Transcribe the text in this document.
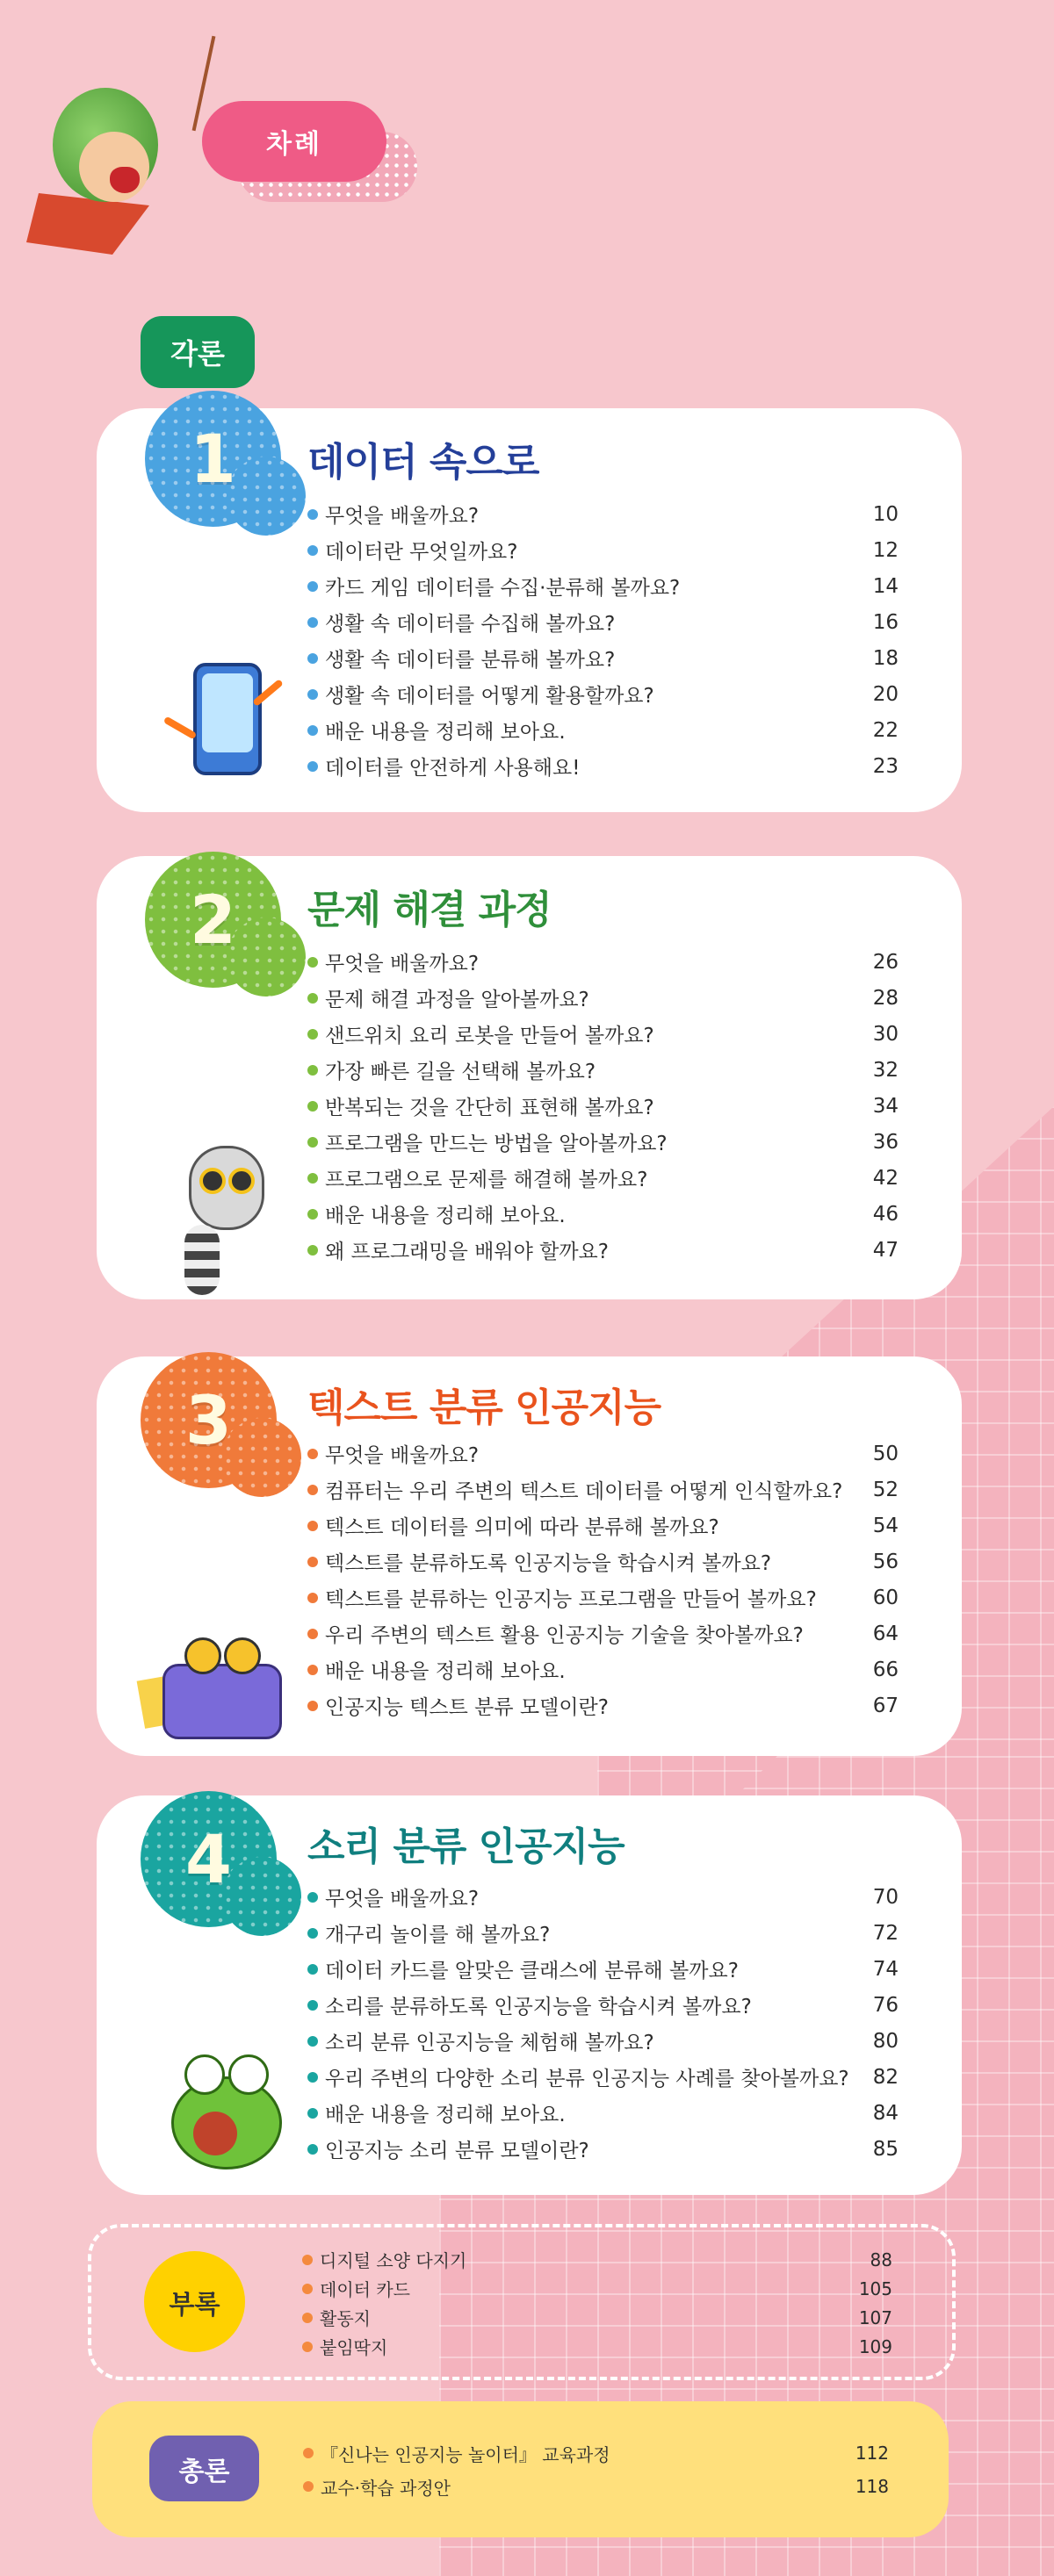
차례
각론
1 데이터 속으로
무엇을 배울까요?	10
데이터란 무엇일까요?	12
카드 게임 데이터를 수집·분류해 볼까요?	14
생활 속 데이터를 수집해 볼까요?	16
생활 속 데이터를 분류해 볼까요?	18
생활 속 데이터를 어떻게 활용할까요?	20
배운 내용을 정리해 보아요.	22
데이터를 안전하게 사용해요!	23
2 문제 해결 과정
무엇을 배울까요?	26
문제 해결 과정을 알아볼까요?	28
샌드위치 요리 로봇을 만들어 볼까요?	30
가장 빠른 길을 선택해 볼까요?	32
반복되는 것을 간단히 표현해 볼까요?	34
프로그램을 만드는 방법을 알아볼까요?	36
프로그램으로 문제를 해결해 볼까요?	42
배운 내용을 정리해 보아요.	46
왜 프로그래밍을 배워야 할까요?	47
3 텍스트 분류 인공지능
무엇을 배울까요?	50
컴퓨터는 우리 주변의 텍스트 데이터를 어떻게 인식할까요?	52
텍스트 데이터를 의미에 따라 분류해 볼까요?	54
텍스트를 분류하도록 인공지능을 학습시켜 볼까요?	56
텍스트를 분류하는 인공지능 프로그램을 만들어 볼까요?	60
우리 주변의 텍스트 활용 인공지능 기술을 찾아볼까요?	64
배운 내용을 정리해 보아요.	66
인공지능 텍스트 분류 모델이란?	67
4 소리 분류 인공지능
무엇을 배울까요?	70
개구리 놀이를 해 볼까요?	72
데이터 카드를 알맞은 클래스에 분류해 볼까요?	74
소리를 분류하도록 인공지능을 학습시켜 볼까요?	76
소리 분류 인공지능을 체험해 볼까요?	80
우리 주변의 다양한 소리 분류 인공지능 사례를 찾아볼까요?	82
배운 내용을 정리해 보아요.	84
인공지능 소리 분류 모델이란?	85
부록
디지털 소양 다지기	88
데이터 카드	105
활동지	107
붙임딱지	109
총론
『신나는 인공지능 놀이터』 교육과정	112
교수·학습 과정안	118
